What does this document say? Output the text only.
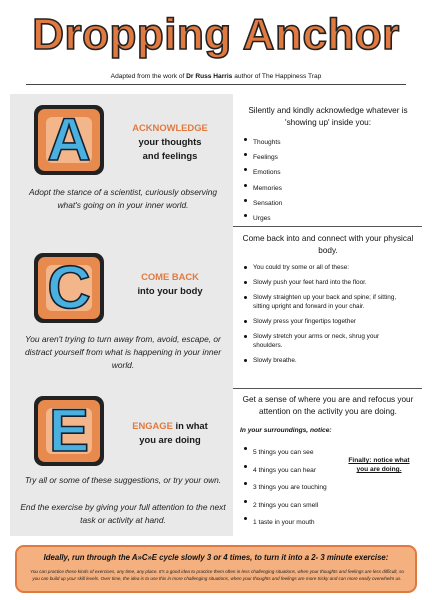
Dropping Anchor
Adapted from the work of Dr Russ Harris author of The Happiness Trap
A	ACKNOWLEDGE
your thoughts
and feelings
Adopt the stance of a scientist, curiously observing what's going on in your inner world.
C	COME BACK
into your body
You aren't trying to turn away from, avoid, escape, or distract yourself from what is happening in your inner world.
E	ENGAGE in what
you are doing
Try all or some of these suggestions, or try your own.
End the exercise by giving your full attention to the next task or activity at hand.
Silently and kindly acknowledge whatever is 'showing up' inside you:
Thoughts
Feelings
Emotions
Memories
Sensation
Urges
Come back into and connect with your physical body.
You could try some or all of these:
Slowly push your feet hard into the floor.
Slowly straighten up your back and spine; if sitting, sitting upright and forward in your chair.
Slowly press your fingertips together
Slowly stretch your arms or neck, shrug your shoulders.
Slowly breathe.
Get a sense of where you are and refocus your attention on the activity you are doing.
In your surroundings, notice:
5 things you can see
4 things you can hear
3 things you are touching
2 things you can smell
1 taste in your mouth
Finally: notice what you are doing.
Ideally, run through the A»C»E cycle slowly 3 or 4 times, to turn it into a 2- 3 minute exercise:
You can practice these kinds of exercises, any time, any place. It's a good idea to practice them often in less challenging situations, when your thoughts and feelings are less difficult, so you can build up your skill levels. Over time, the idea is to use this in more challenging situations, when your thoughts and feelings are more tricky and can more easily overwhelm us.
